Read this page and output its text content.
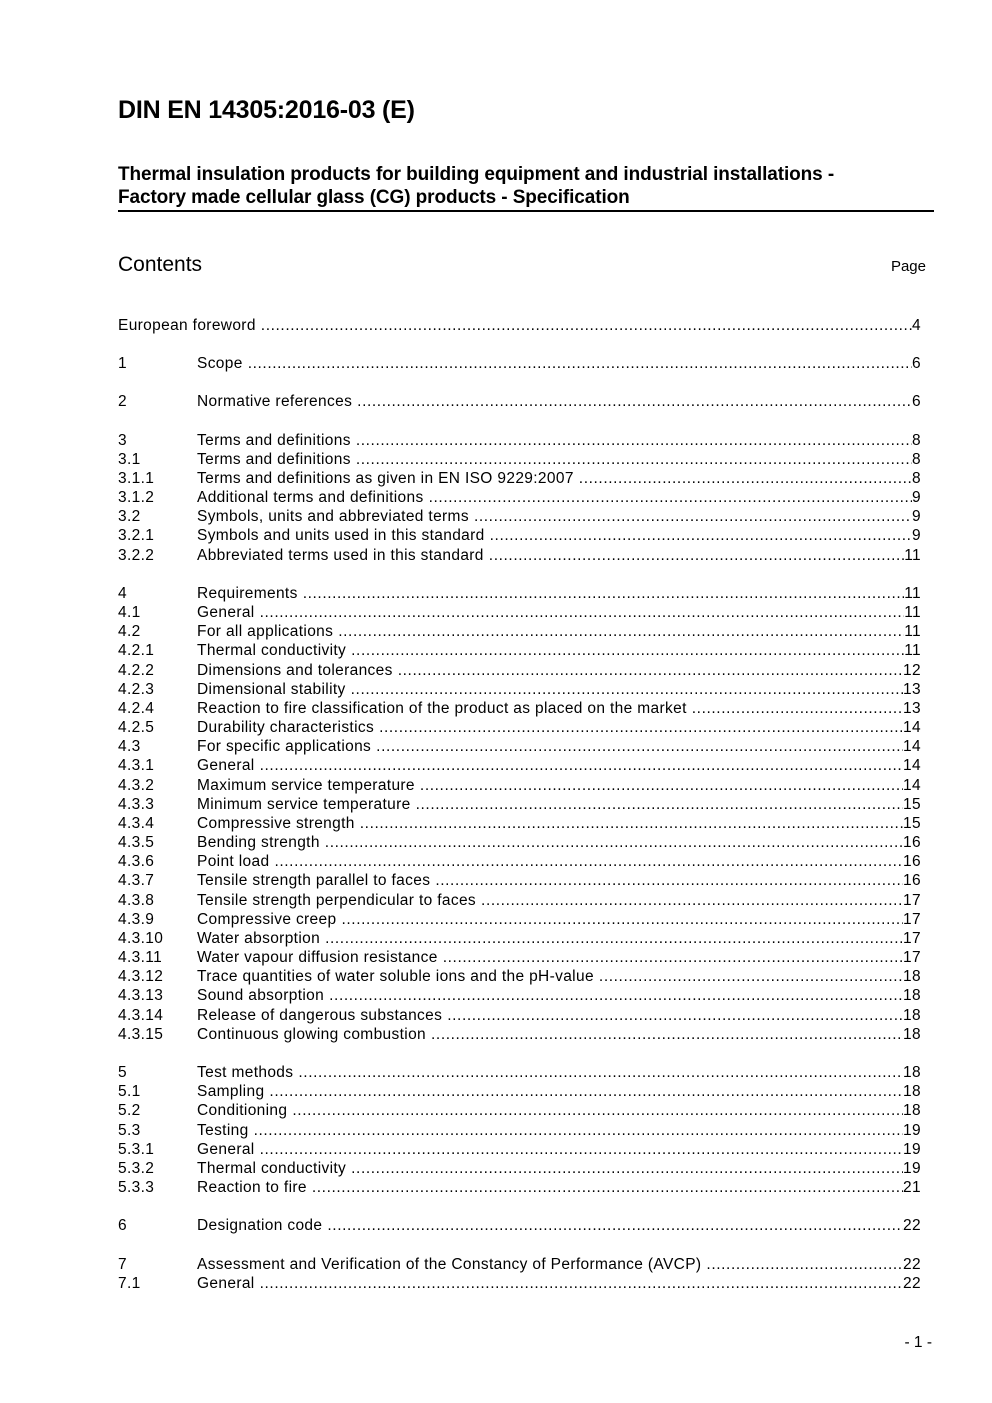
DIN EN 14305:2016-03 (E)
Thermal insulation products for building equipment and industrial installations -
Factory made cellular glass (CG) products - Specification
Contents	Page
European foreword .....	4
1	Scope .....	6
2	Normative references .....	6
3	Terms and definitions .....	8
3.1	Terms and definitions .....	8
3.1.1	Terms and definitions as given in EN ISO 9229:2007 .....	8
3.1.2	Additional terms and definitions .....	9
3.2	Symbols, units and abbreviated terms .....	9
3.2.1	Symbols and units used in this standard .....	9
3.2.2	Abbreviated terms used in this standard .....	11
4	Requirements .....	11
4.1	General .....	11
4.2	For all applications .....	11
4.2.1	Thermal conductivity .....	11
4.2.2	Dimensions and tolerances .....	12
4.2.3	Dimensional stability .....	13
4.2.4	Reaction to fire classification of the product as placed on the market .....	13
4.2.5	Durability characteristics .....	14
4.3	For specific applications .....	14
4.3.1	General .....	14
4.3.2	Maximum service temperature .....	14
4.3.3	Minimum service temperature .....	15
4.3.4	Compressive strength .....	15
4.3.5	Bending strength .....	16
4.3.6	Point load .....	16
4.3.7	Tensile strength parallel to faces .....	16
4.3.8	Tensile strength perpendicular to faces .....	17
4.3.9	Compressive creep .....	17
4.3.10	Water absorption .....	17
4.3.11	Water vapour diffusion resistance .....	17
4.3.12	Trace quantities of water soluble ions and the pH-value .....	18
4.3.13	Sound absorption .....	18
4.3.14	Release of dangerous substances .....	18
4.3.15	Continuous glowing combustion .....	18
5	Test methods .....	18
5.1	Sampling .....	18
5.2	Conditioning .....	18
5.3	Testing .....	19
5.3.1	General .....	19
5.3.2	Thermal conductivity .....	19
5.3.3	Reaction to fire .....	21
6	Designation code .....	22
7	Assessment and Verification of the Constancy of Performance (AVCP) .....	22
7.1	General .....	22
- 1 -
